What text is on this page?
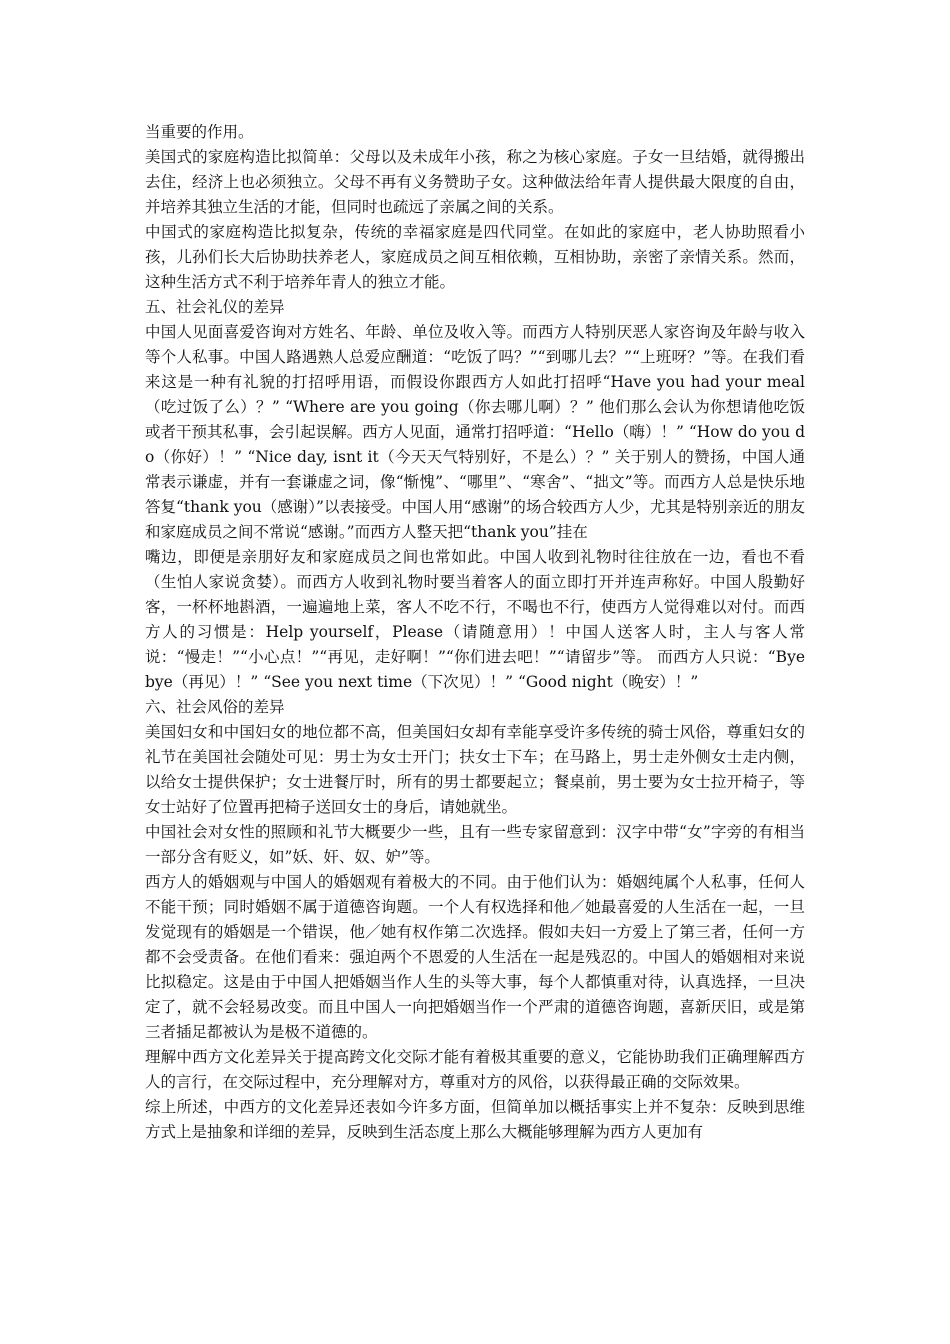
当重要的作用。

美国式的家庭构造比拟简单：父母以及未成年小孩，称之为核心家庭。子女一旦结婚，就得搬出去住，经济上也必须独立。父母不再有义务赞助子女。这种做法给年青人提供最大限度的自由，并培养其独立生活的才能，但同时也疏远了亲属之间的关系。

中国式的家庭构造比拟复杂，传统的幸福家庭是四代同堂。在如此的家庭中，老人协助照看小孩，儿孙们长大后协助扶养老人，家庭成员之间互相依赖，互相协助，亲密了亲情关系。然而，这种生活方式不利于培养年青人的独立才能。

五、社会礼仪的差异

中国人见面喜爱咨询对方姓名、年龄、单位及收入等。而西方人特别厌恶人家咨询及年龄与收入等个人私事。中国人路遇熟人总爱应酬道：“吃饭了吗？”“到哪儿去？”“上班呀？”等。在我们看来这是一种有礼貌的打招呼用语，而假设你跟西方人如此打招呼“Have you had your meal（吃过饭了么）？” “Where are you going（你去哪儿啊）？” 他们那么会认为你想请他吃饭或者干预其私事，会引起误解。西方人见面，通常打招呼道：“Hello（嗨）！” “How do you do（你好）！” “Nice day, isnt it（今天天气特别好，不是么）？” 关于别人的赞扬，中国人通常表示谦虚，并有一套谦虚之词，像“惭愧”、“哪里”、“寒舍”、“拙文”等。而西方人总是快乐地答复“thank you（感谢）”以表接受。中国人用“感谢”的场合较西方人少，尤其是特别亲近的朋友和家庭成员之间不常说“感谢。”而西方人整天把“thank you”挂在

嘴边，即便是亲朋好友和家庭成员之间也常如此。中国人收到礼物时往往放在一边，看也不看（生怕人家说贪婪）。而西方人收到礼物时要当着客人的面立即打开并连声称好。中国人殷勤好客，一杯杯地斟酒，一遍遍地上菜，客人不吃不行，不喝也不行，使西方人觉得难以对付。而西方人的习惯是：Help yourself，Please（请随意用）！中国人送客人时，主人与客人常说：“慢走！”“小心点！”“再见，走好啊！”“你们进去吧！”“请留步”等。 而西方人只说：“Bye bye（再见）！” “See you next time（下次见）！” “Good night（晚安）！”

六、社会风俗的差异

美国妇女和中国妇女的地位都不高，但美国妇女却有幸能享受许多传统的骑士风俗，尊重妇女的礼节在美国社会随处可见：男士为女士开门；扶女士下车；在马路上，男士走外侧女士走内侧，以给女士提供保护；女士进餐厅时，所有的男士都要起立；餐桌前，男士要为女士拉开椅子，等女士站好了位置再把椅子送回女士的身后，请她就坐。

中国社会对女性的照顾和礼节大概要少一些，且有一些专家留意到：汉字中带“女”字旁的有相当一部分含有贬义，如”妖、奸、奴、妒”等。

西方人的婚姻观与中国人的婚姻观有着极大的不同。由于他们认为：婚姻纯属个人私事，任何人不能干预；同时婚姻不属于道德咨询题。一个人有权选择和他／她最喜爱的人生活在一起，一旦发觉现有的婚姻是一个错误，他／她有权作第二次选择。假如夫妇一方爱上了第三者，任何一方都不会受责备。在他们看来：强迫两个不恩爱的人生活在一起是残忍的。中国人的婚姻相对来说比拟稳定。这是由于中国人把婚姻当作人生的头等大事，每个人都慎重对待，认真选择，一旦决定了，就不会轻易改变。而且中国人一向把婚姻当作一个严肃的道德咨询题，喜新厌旧，或是第三者插足都被认为是极不道德的。

理解中西方文化差异关于提高跨文化交际才能有着极其重要的意义，它能协助我们正确理解西方人的言行，在交际过程中，充分理解对方，尊重对方的风俗，以获得最正确的交际效果。

综上所述，中西方的文化差异还表如今许多方面，但简单加以概括事实上并不复杂：反映到思维方式上是抽象和详细的差异，反映到生活态度上那么大概能够理解为西方人更加有
